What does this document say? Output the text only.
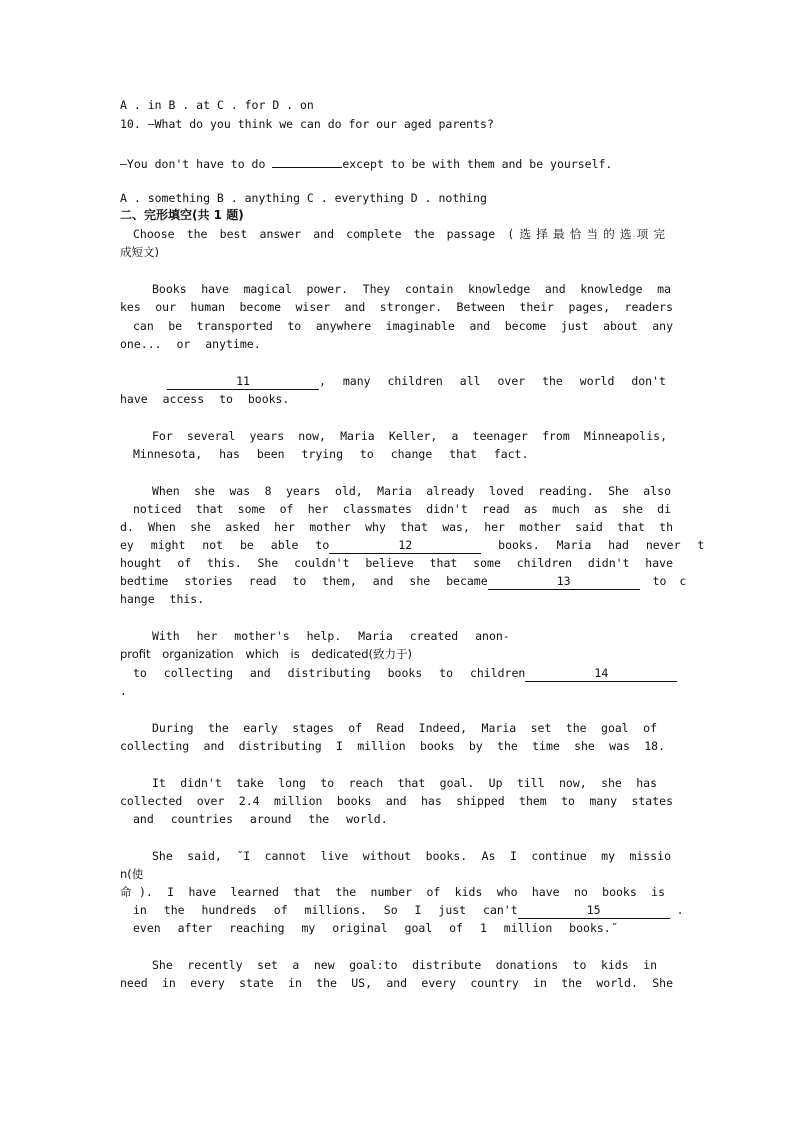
A . in B . at C . for D . on
10. —What do you think we can do for our aged parents?
—You don't have to do	except to be with them and be yourself.
A . something B . anything C . everything D . nothing
二、完形填空(共 1 题)
Choose the best answer and complete the passage (选择最恰当的选项完
成短文)
Books have magical power. They contain knowledge and knowledge ma
kes our human become wiser and stronger. Between their pages, readers
can be transported to anywhere imaginable and become just about any
one... or anytime.
11	, many children all over the world don't
have access to books.
For several years now, Maria Keller, a teenager from Minneapolis,
Minnesota, has been trying to change that fact.
When she was 8 years old, Maria already loved reading. She also
noticed that some of her classmates didn't read as much as she di
d. When she asked her mother why that was, her mother said that th
ey might not be able to	12	books. Maria had never t
hought of this. She couldn't believe that some children didn't have
bedtime stories read to them, and she became	13	to c
hange this.
With her mother's help. Maria created anon-
profit organization which is dedicated(致力于)
to collecting and distributing books to children	14
.
During the early stages of Read Indeed, Maria set the goal of
collecting and distributing I million books by the time she was 18.
It didn't take long to reach that goal. Up till now, she has
collected over 2.4 million books and has shipped them to many states
and countries around the world.
She said, ˝I cannot live without books. As I continue my missio
n(使
命). I have learned that the number of kids who have no books is
in the hundreds of millions. So I just can't	15	.
even after reaching my original goal of 1 million books.˝
She recently set a new goal:to distribute donations to kids in
need in every state in the US, and every country in the world. She
